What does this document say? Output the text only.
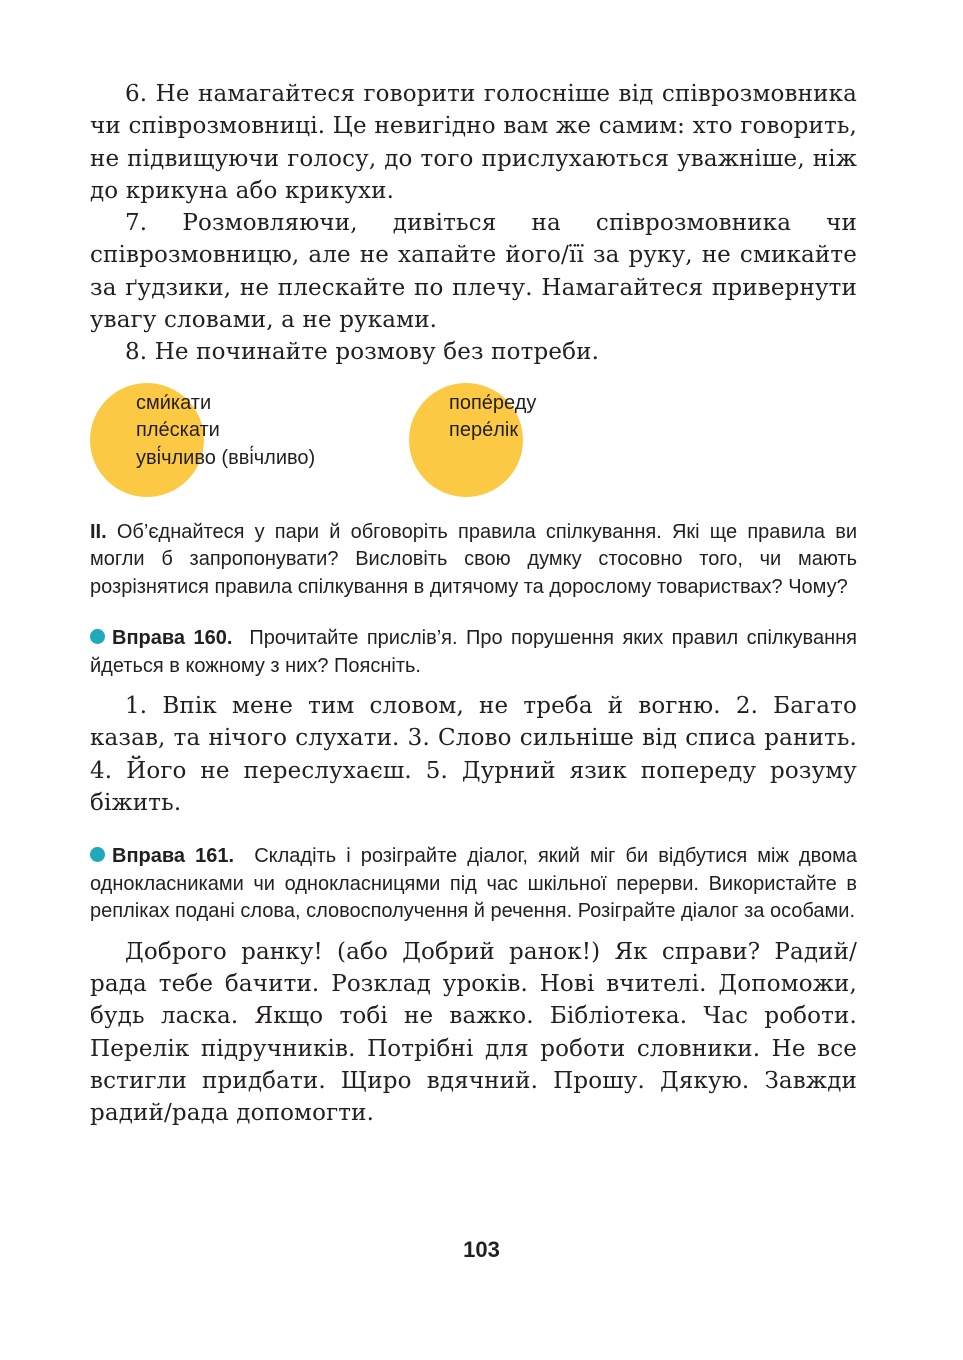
6. Не намагайтеся говорити голосніше від співрозмовника чи співрозмовниці. Це невигідно вам же самим: хто говорить, не підвищуючи голосу, до того прислухаються уважніше, ніж до крикуна або крикухи.

7. Розмовляючи, дивіться на співрозмовника чи співрозмовницю, але не хапайте його/її за руку, не смикайте за ґудзики, не плескайте по плечу. Намагайтеся привернути увагу словами, а не руками.

8. Не починайте розмову без потреби.

сми́кати
пле́скати
уві́чливо (вві́чливо)
попе́реду
пере́лік
II. Об’єднайтеся у пари й обговоріть правила спілкування. Які ще правила ви могли б запропонувати? Висловіть свою думку стосовно того, чи мають розрізнятися правила спілкування в дитячому та дорослому товариствах? Чому?
Вправа 160. Прочитайте прислів’я. Про порушення яких правил спілкування йдеться в кожному з них? Поясніть.

1. Впік мене тим словом, не треба й вогню. 2. Багато казав, та нічого слухати. 3. Слово сильніше від списа ранить. 4. Його не переслухаєш. 5. Дурний язик попереду розуму біжить.

Вправа 161. Складіть і розіграйте діалог, який міг би відбутися між двома однокласниками чи однокласницями під час шкільної перерви. Використайте в репліках подані слова, словосполучення й речення. Розіграйте діалог за особами.

Доброго ранку! (або Добрий ранок!) Як справи? Радий/рада тебе бачити. Розклад уроків. Нові вчителі. Допоможи, будь ласка. Якщо тобі не важко. Бібліотека. Час роботи. Перелік підручників. Потрібні для роботи словники. Не все встигли придбати. Щиро вдячний. Прошу. Дякую. Завжди радий/рада допомогти.

103
